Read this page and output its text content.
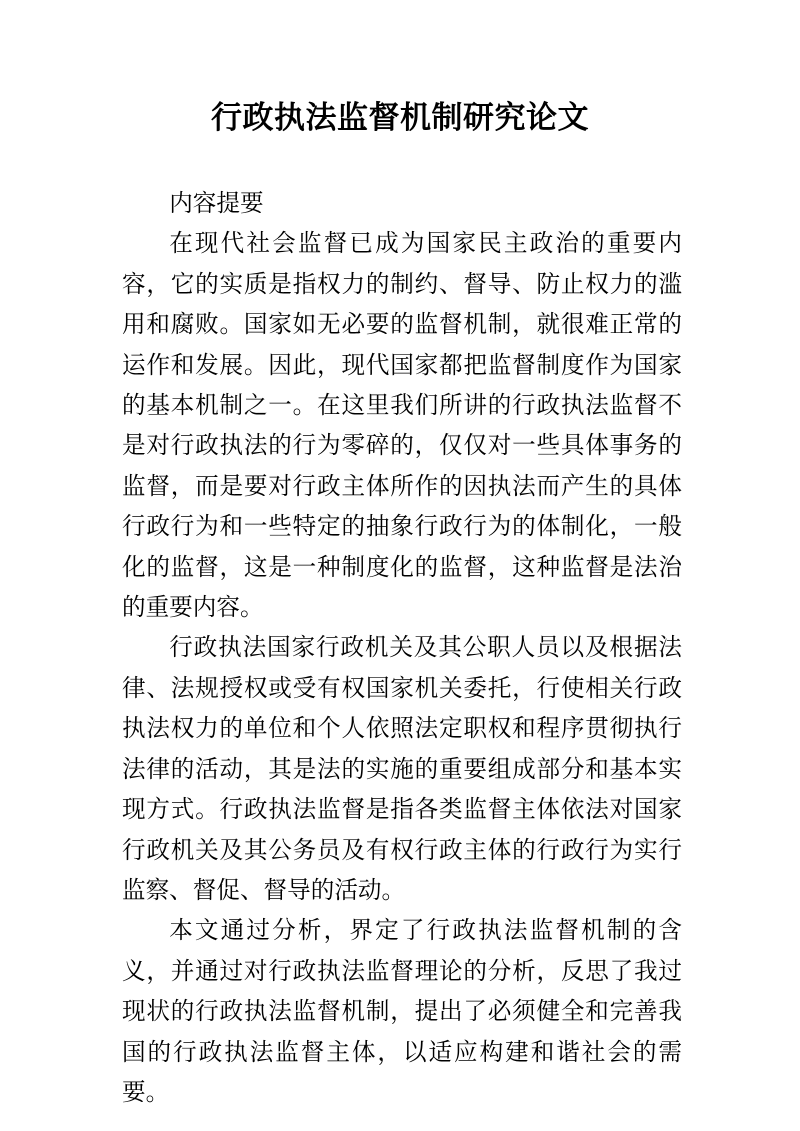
行政执法监督机制研究论文

内容提要

在现代社会监督已成为国家民主政治的重要内容，它的实质是指权力的制约、督导、防止权力的滥用和腐败。国家如无必要的监督机制，就很难正常的运作和发展。因此，现代国家都把监督制度作为国家的基本机制之一。在这里我们所讲的行政执法监督不是对行政执法的行为零碎的，仅仅对一些具体事务的监督，而是要对行政主体所作的因执法而产生的具体行政行为和一些特定的抽象行政行为的体制化，一般化的监督，这是一种制度化的监督，这种监督是法治的重要内容。

行政执法国家行政机关及其公职人员以及根据法律、法规授权或受有权国家机关委托，行使相关行政执法权力的单位和个人依照法定职权和程序贯彻执行法律的活动，其是法的实施的重要组成部分和基本实现方式。行政执法监督是指各类监督主体依法对国家行政机关及其公务员及有权行政主体的行政行为实行监察、督促、督导的活动。

本文通过分析，界定了行政执法监督机制的含义，并通过对行政执法监督理论的分析，反思了我过现状的行政执法监督机制，提出了必须健全和完善我国的行政执法监督主体，以适应构建和谐社会的需要。
